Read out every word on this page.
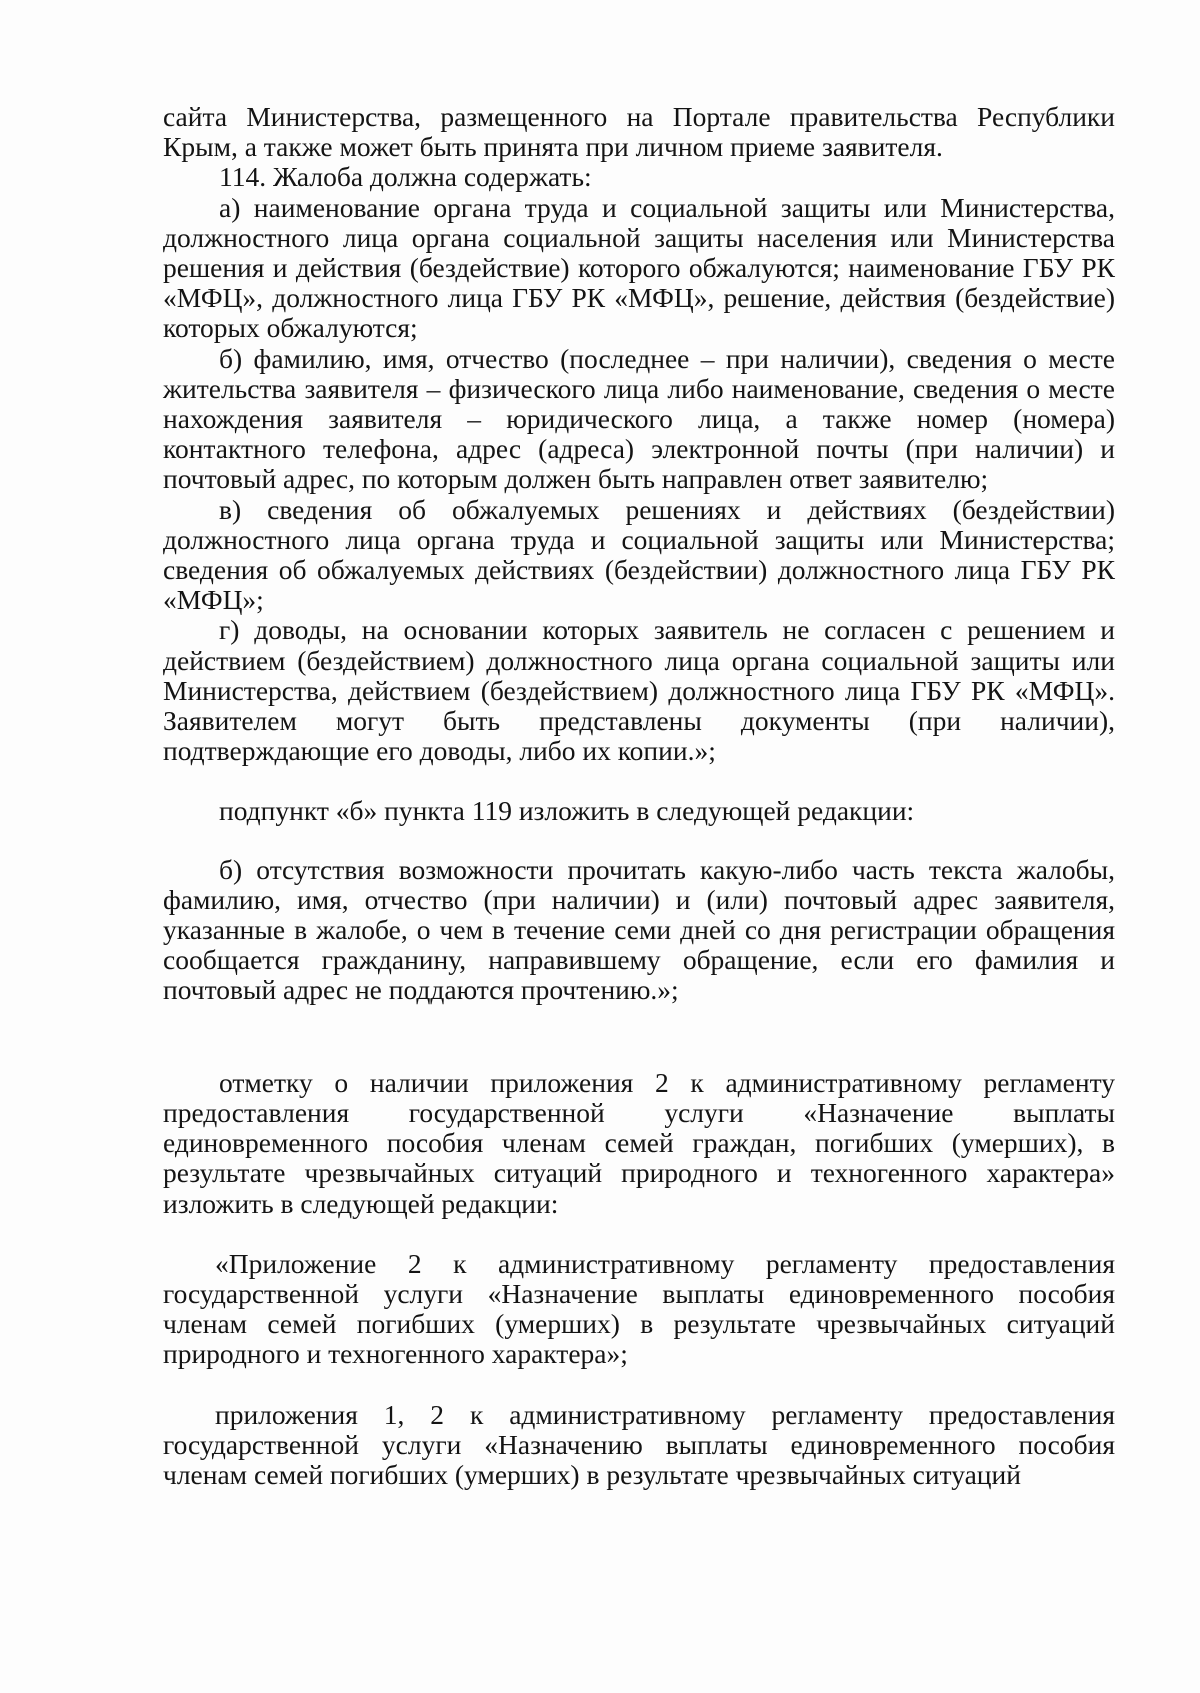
сайта Министерства, размещенного на Портале правительства Республики Крым, а также может быть принята при личном приеме заявителя.

114. Жалоба должна содержать:

а) наименование органа труда и социальной защиты или Министерства, должностного лица органа социальной защиты населения или Министерства решения и действия (бездействие) которого обжалуются; наименование ГБУ РК «МФЦ», должностного лица ГБУ РК «МФЦ», решение, действия (бездействие) которых обжалуются;

б) фамилию, имя, отчество (последнее – при наличии), сведения о месте жительства заявителя – физического лица либо наименование, сведения о месте нахождения заявителя – юридического лица, а также номер (номера) контактного телефона, адрес (адреса) электронной почты (при наличии) и почтовый адрес, по которым должен быть направлен ответ заявителю;

в) сведения об обжалуемых решениях и действиях (бездействии) должностного лица органа труда и социальной защиты или Министерства; сведения об обжалуемых действиях (бездействии) должностного лица ГБУ РК «МФЦ»;

г) доводы, на основании которых заявитель не согласен с решением и действием (бездействием) должностного лица органа социальной защиты или Министерства, действием (бездействием) должностного лица ГБУ РК «МФЦ». Заявителем могут быть представлены документы (при наличии), подтверждающие его доводы, либо их копии.»;

подпункт «б» пункта 119 изложить в следующей редакции:

б) отсутствия возможности прочитать какую-либо часть текста жалобы, фамилию, имя, отчество (при наличии) и (или) почтовый адрес заявителя, указанные в жалобе, о чем в течение семи дней со дня регистрации обращения сообщается гражданину, направившему обращение, если его фамилия и почтовый адрес не поддаются прочтению.»;

отметку о наличии приложения 2 к административному регламенту предоставления государственной услуги «Назначение выплаты единовременного пособия членам семей граждан, погибших (умерших), в результате чрезвычайных ситуаций природного и техногенного характера» изложить в следующей редакции:

«Приложение 2 к административному регламенту предоставления государственной услуги «Назначение выплаты единовременного пособия членам семей погибших (умерших) в результате чрезвычайных ситуаций природного и техногенного характера»;

приложения 1, 2 к административному регламенту предоставления государственной услуги «Назначению выплаты единовременного пособия членам семей погибших (умерших) в результате чрезвычайных ситуаций
